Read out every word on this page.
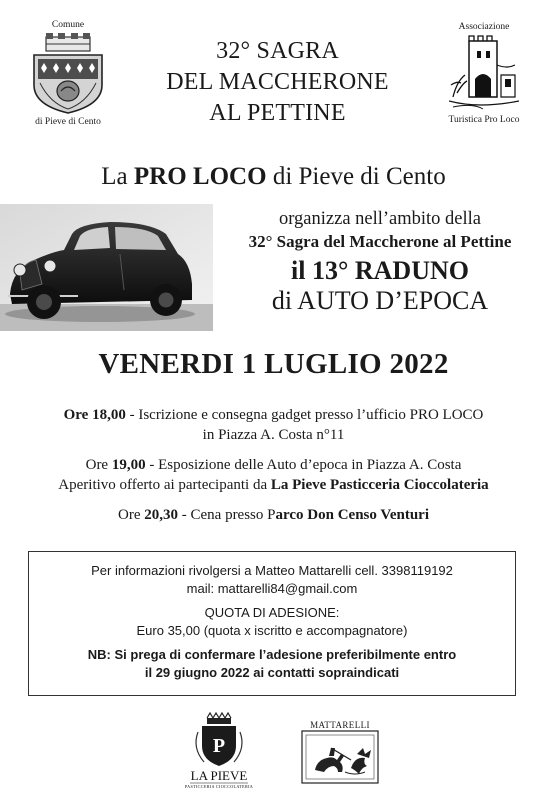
Comune
di Pieve di Cento
32° SAGRA
DEL MACCHERONE
AL PETTINE
Associazione
Turistica Pro Loco
La PRO LOCO di Pieve di Cento
organizza nell’ambito della
32° Sagra del Maccherone al Pettine
il 13° RADUNO
di AUTO D’EPOCA
VENERDI 1 LUGLIO 2022
Ore 18,00 - Iscrizione e consegna gadget presso l’ufficio PRO LOCO
in Piazza A. Costa n°11
Ore 19,00 - Esposizione delle Auto d’epoca in Piazza A. Costa
Aperitivo offerto ai partecipanti da La Pieve Pasticceria Cioccolateria
Ore 20,30 - Cena presso Parco Don Censo Venturi
Per informazioni rivolgersi a Matteo Mattarelli cell. 3398119192
mail: mattarelli84@gmail.com
QUOTA DI ADESIONE:
Euro 35,00 (quota x iscritto e accompagnatore)
NB: Si prega di confermare l’adesione preferibilmente entro
il 29 giugno 2022 ai contatti sopraindicati
P
LA PIEVE
PASTICCERIA CIOCCOLATERIA
MATTARELLI
